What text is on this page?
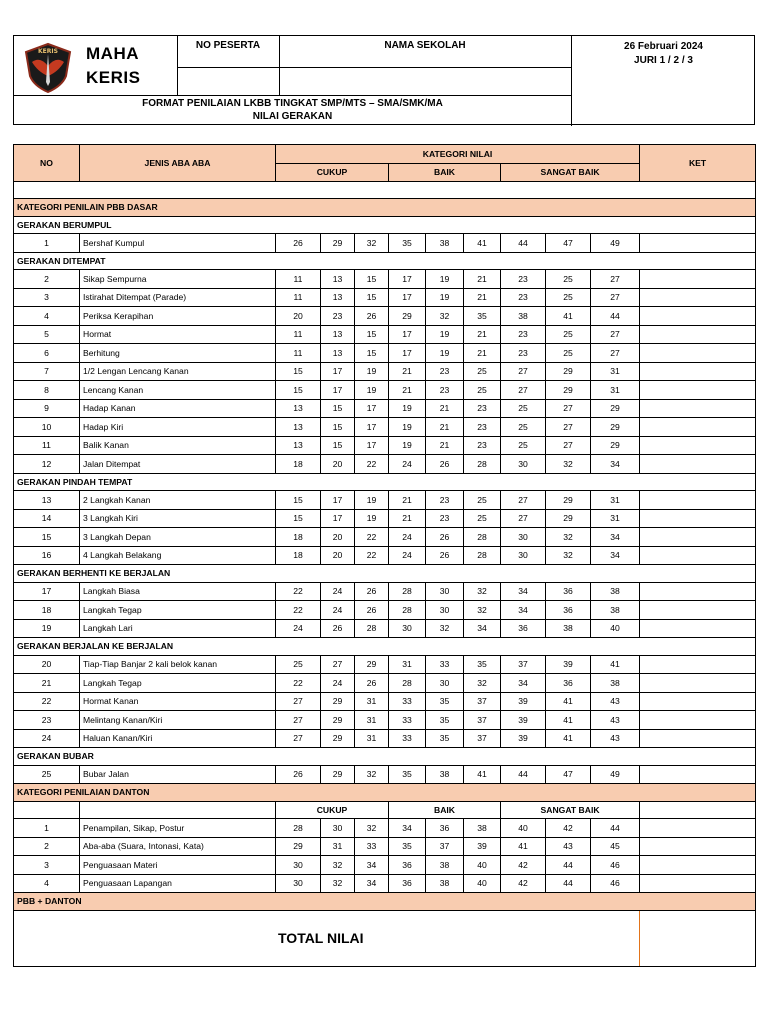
KERIS MAHA
KERIS
NO PESERTA	NAMA SEKOLAH	26 Februari 2024
JURI 1 / 2 / 3
FORMAT PENILAIAN LKBB TINGKAT SMP/MTS – SMA/SMK/MA
NILAI GERAKAN
NO	JENIS ABA ABA	KATEGORI NILAI									KET
		CUKUP			BAIK			SANGAT BAIK			

KATEGORI PENILAIN PBB DASAR											
GERAKAN BERUMPUL											
1	Bershaf Kumpul	26	29	32	35	38	41	44	47	49	
GERAKAN DITEMPAT											
2	Sikap Sempurna	11	13	15	17	19	21	23	25	27	
3	Istirahat Ditempat (Parade)	11	13	15	17	19	21	23	25	27	
4	Periksa Kerapihan	20	23	26	29	32	35	38	41	44	
5	Hormat	11	13	15	17	19	21	23	25	27	
6	Berhitung	11	13	15	17	19	21	23	25	27	
7	1/2 Lengan Lencang Kanan	15	17	19	21	23	25	27	29	31	
8	Lencang Kanan	15	17	19	21	23	25	27	29	31	
9	Hadap Kanan	13	15	17	19	21	23	25	27	29	
10	Hadap Kiri	13	15	17	19	21	23	25	27	29	
11	Balik Kanan	13	15	17	19	21	23	25	27	29	
12	Jalan Ditempat	18	20	22	24	26	28	30	32	34	
GERAKAN PINDAH TEMPAT											
13	2 Langkah Kanan	15	17	19	21	23	25	27	29	31	
14	3 Langkah Kiri	15	17	19	21	23	25	27	29	31	
15	3 Langkah Depan	18	20	22	24	26	28	30	32	34	
16	4 Langkah Belakang	18	20	22	24	26	28	30	32	34	
GERAKAN BERHENTI KE BERJALAN											
17	Langkah Biasa	22	24	26	28	30	32	34	36	38	
18	Langkah Tegap	22	24	26	28	30	32	34	36	38	
19	Langkah Lari	24	26	28	30	32	34	36	38	40	
GERAKAN BERJALAN KE BERJALAN											
20	Tiap-Tiap Banjar 2 kali belok kanan	25	27	29	31	33	35	37	39	41	
21	Langkah Tegap	22	24	26	28	30	32	34	36	38	
22	Hormat Kanan	27	29	31	33	35	37	39	41	43	
23	Melintang Kanan/Kiri	27	29	31	33	35	37	39	41	43	
24	Haluan Kanan/Kiri	27	29	31	33	35	37	39	41	43	
GERAKAN BUBAR											
25	Bubar Jalan	26	29	32	35	38	41	44	47	49	
KATEGORI PENILAIAN DANTON											
		CUKUP			BAIK			SANGAT BAIK			
1	Penampilan, Sikap, Postur	28	30	32	34	36	38	40	42	44	
2	Aba-aba (Suara, Intonasi, Kata)	29	31	33	35	37	39	41	43	45	
3	Penguasaan Materi	30	32	34	36	38	40	42	44	46	
4	Penguasaan Lapangan	30	32	34	36	38	40	42	44	46	
PBB + DANTON											
TOTAL NILAI											
